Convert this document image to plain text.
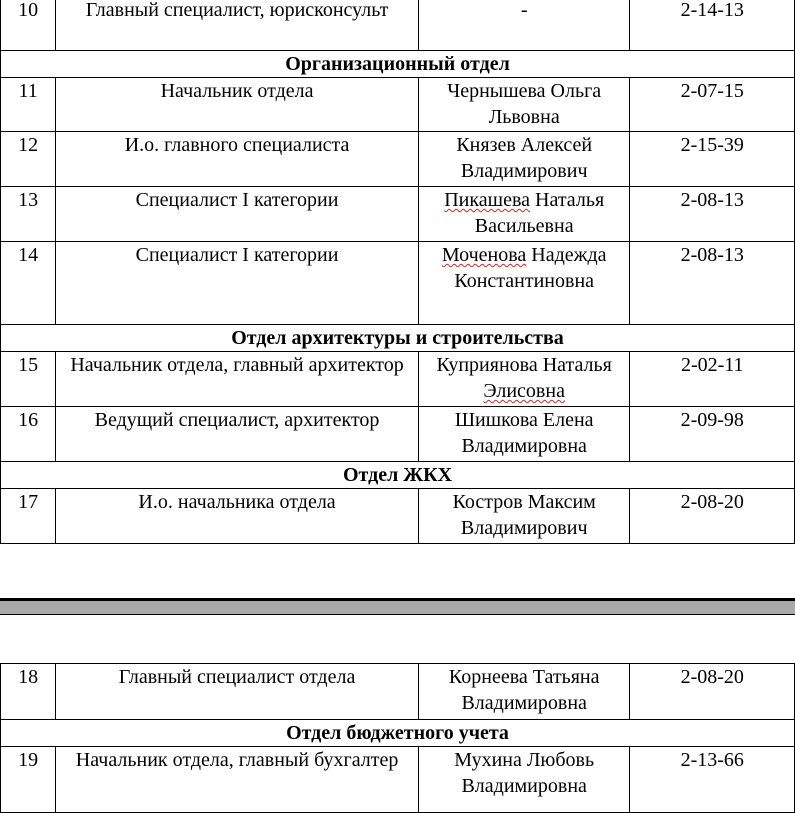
10	Главный специалист, юрисконсульт	-	2-14-13
Организационный отдел			
11	Начальник отдела	Чернышева Ольга Львовна	2-07-15
12	И.о. главного специалиста	Князев Алексей Владимирович	2-15-39
13	Специалист I категории	Пикашева Наталья Васильевна	2-08-13
14	Специалист I категории	Моченова Надежда Константиновна	2-08-13
Отдел архитектуры и строительства			
15	Начальник отдела, главный архитектор	Куприянова Наталья Элисовна	2-02-11
16	Ведущий специалист, архитектор	Шишкова Елена Владимировна	2-09-98
Отдел ЖКХ			
17	И.о. начальника отдела	Костров Максим Владимирович	2-08-20
18	Главный специалист отдела	Корнеева Татьяна Владимировна	2-08-20
Отдел бюджетного учета			
19	Начальник отдела, главный бухгалтер	Мухина Любовь Владимировна	2-13-66
